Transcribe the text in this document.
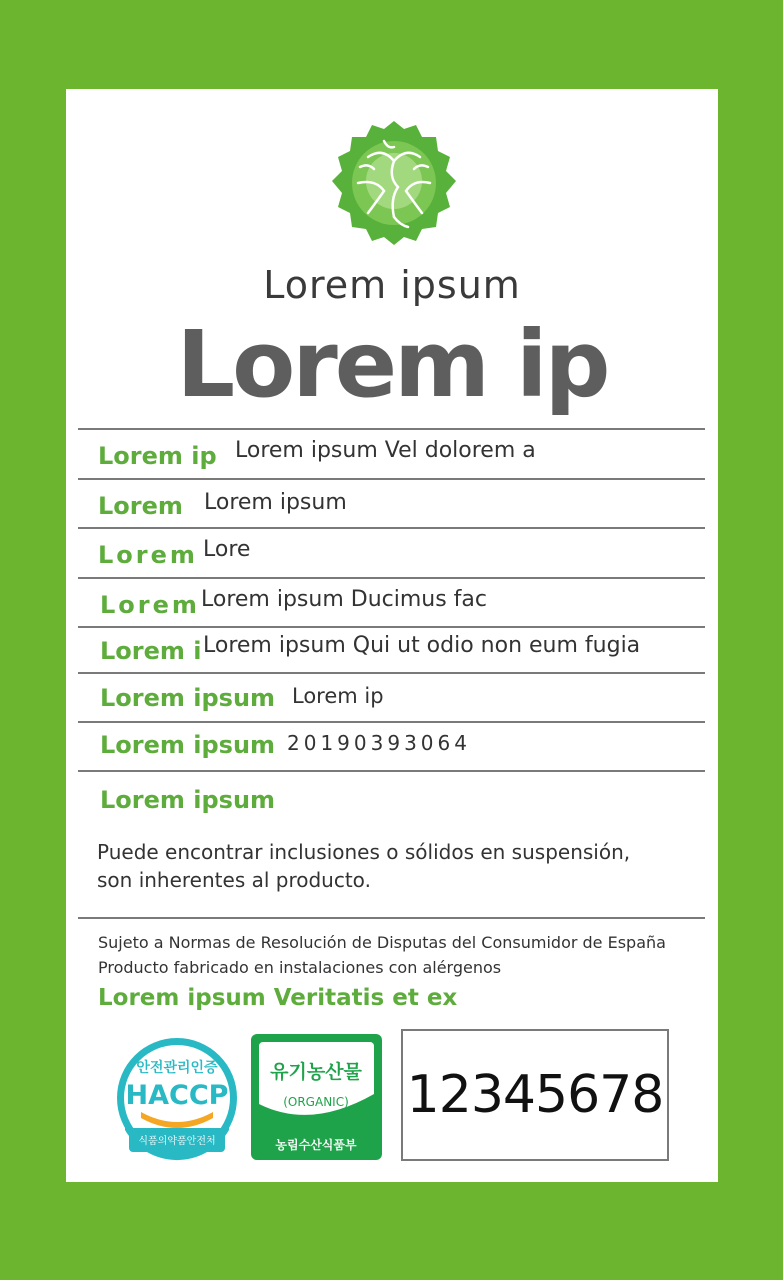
Lorem ipsum
Lorem ip
Lorem ip Lorem ipsum Vel dolorem a
Lorem Lorem ipsum
Lorem Lore
Lorem Lorem ipsum Ducimus fac
Lorem i Lorem ipsum Qui ut odio non eum fugia
Lorem ipsum Lorem ip
Lorem ipsum 20190393064
Lorem ipsum
Puede encontrar inclusiones o sólidos en suspensión,
son inherentes al producto.
Sujeto a Normas de Resolución de Disputas del Consumidor de España
Producto fabricado en instalaciones con alérgenos
Lorem ipsum Veritatis et ex
안전관리인증
HACCP
식품의약품안전처
유기농산물
(ORGANIC)
농림수산식품부
12345678
